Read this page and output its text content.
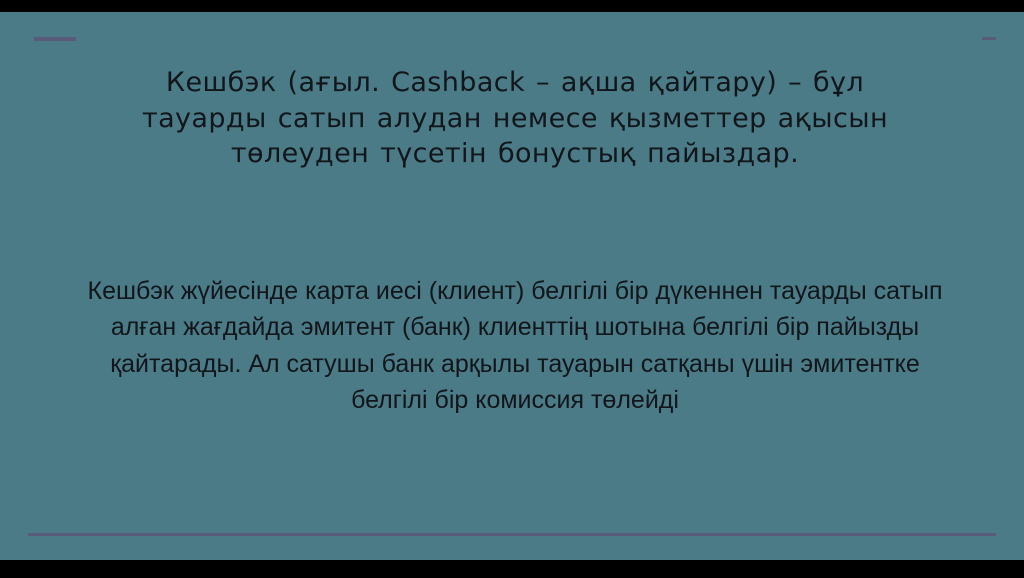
Кешбэк (ағыл. Cashback – ақша қайтару) – бұл тауарды сатып алудан немесе қызметтер ақысын төлеуден түсетін бонустық пайыздар.

Кешбэк жүйесінде карта иесі (клиент) белгілі бір дүкеннен тауарды сатып алған жағдайда эмитент (банк) клиенттің шотына белгілі бір пайызды қайтарады. Ал сатушы банк арқылы тауарын сатқаны үшін эмитентке белгілі бір комиссия төлейді
